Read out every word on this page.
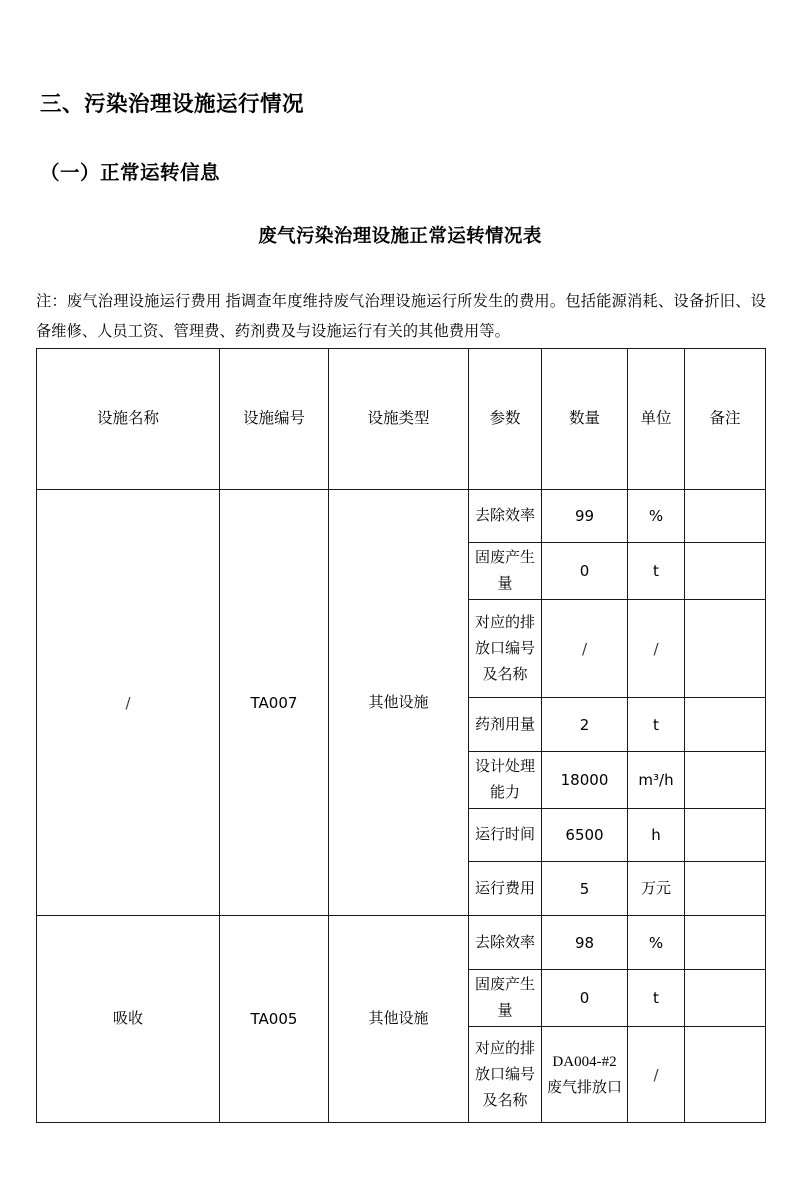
三、污染治理设施运行情况
（一）正常运转信息
废气污染治理设施正常运转情况表

注：废气治理设施运行费用 指调查年度维持废气治理设施运行所发生的费用。包括能源消耗、设备折旧、设备维修、人员工资、管理费、药剂费及与设施运行有关的其他费用等。

设施名称	设施编号	设施类型	参数	数量	单位	备注
/	TA007	其他设施	去除效率	99	%	
			固废产生量	0	t	
			对应的排放口编号及名称	/	/	
			药剂用量	2	t	
			设计处理能力	18000	m³/h	
			运行时间	6500	h	
			运行费用	5	万元	
吸收	TA005	其他设施	去除效率	98	%	
			固废产生量	0	t	
			对应的排放口编号及名称	DA004-#2 废气排放口	/	
